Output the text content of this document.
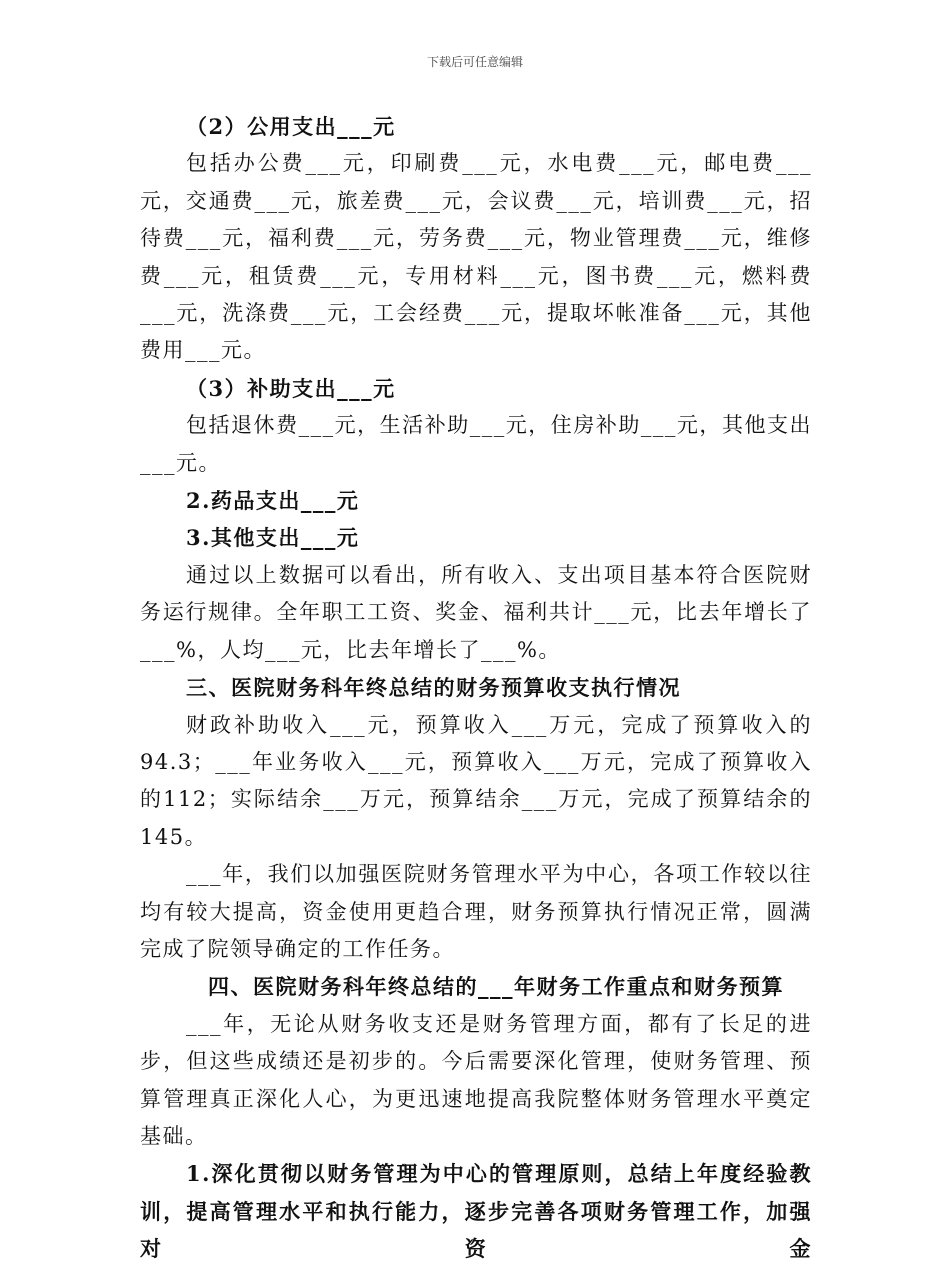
下载后可任意编辑

（2）公用支出___元

包括办公费___元，印刷费___元，水电费___元，邮电费___元，交通费___元，旅差费___元，会议费___元，培训费___元，招待费___元，福利费___元，劳务费___元，物业管理费___元，维修费___元，租赁费___元，专用材料___元，图书费___元，燃料费___元，洗涤费___元，工会经费___元，提取坏帐准备___元，其他费用___元。

（3）补助支出___元

包括退休费___元，生活补助___元，住房补助___元，其他支出___元。

2.药品支出___元

3.其他支出___元

通过以上数据可以看出，所有收入、支出项目基本符合医院财务运行规律。全年职工工资、奖金、福利共计___元，比去年增长了___%，人均___元，比去年增长了___%。

三、医院财务科年终总结的财务预算收支执行情况

财政补助收入___元，预算收入___万元，完成了预算收入的94.3；___年业务收入___元，预算收入___万元，完成了预算收入的112；实际结余___万元，预算结余___万元，完成了预算结余的145。

___年，我们以加强医院财务管理水平为中心，各项工作较以往均有较大提高，资金使用更趋合理，财务预算执行情况正常，圆满完成了院领导确定的工作任务。

四、医院财务科年终总结的___年财务工作重点和财务预算

___年，无论从财务收支还是财务管理方面，都有了长足的进步，但这些成绩还是初步的。今后需要深化管理，使财务管理、预算管理真正深化人心，为更迅速地提高我院整体财务管理水平奠定基础。

1.深化贯彻以财务管理为中心的管理原则，总结上年度经验教训，提高管理水平和执行能力，逐步完善各项财务管理工作，加强对资金
